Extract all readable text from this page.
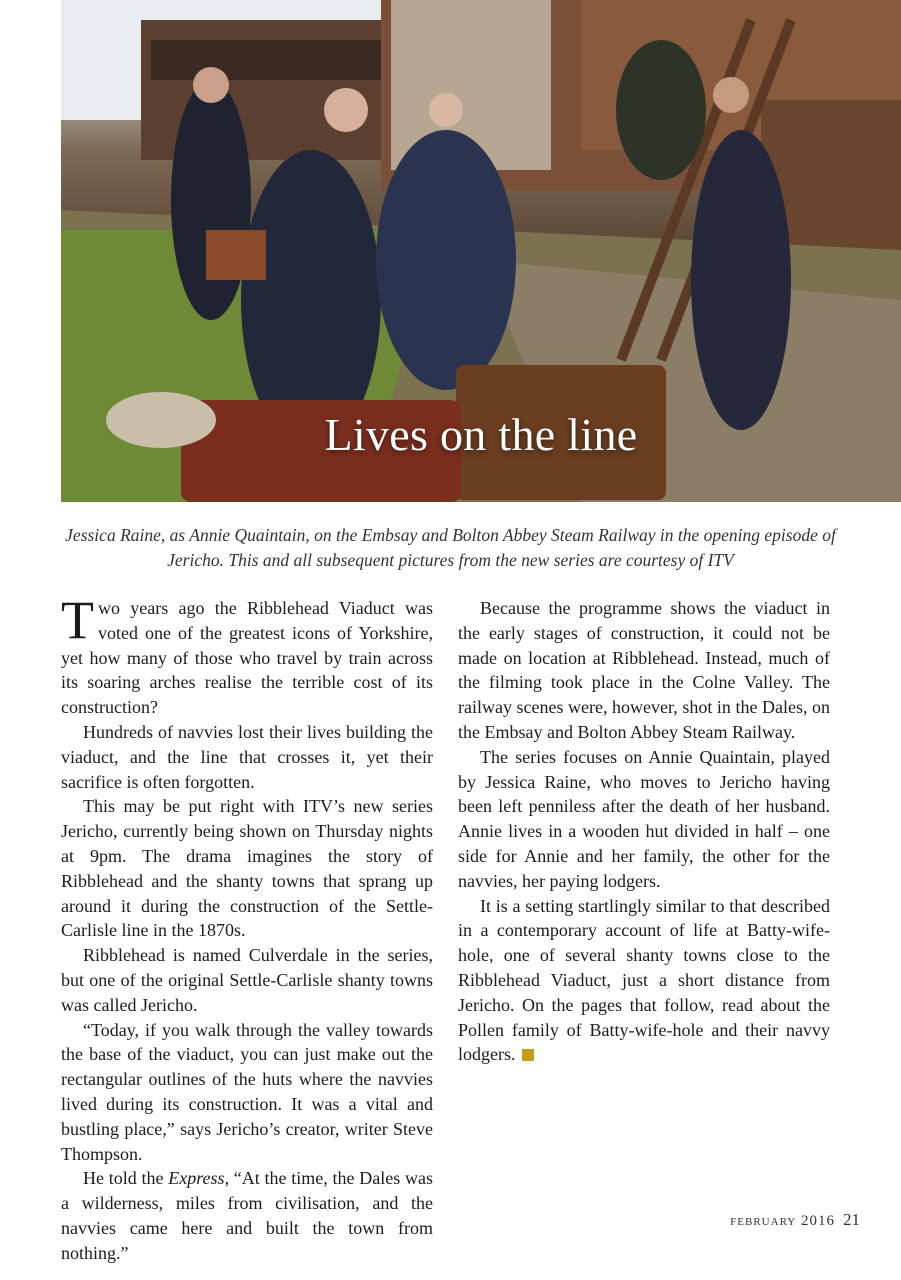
Lives on the line
Jessica Raine, as Annie Quaintain, on the Embsay and Bolton Abbey Steam Railway in the opening episode of Jericho. This and all subsequent pictures from the new series are courtesy of ITV

Two years ago the Ribblehead Viaduct was voted one of the greatest icons of Yorkshire, yet how many of those who travel by train across its soaring arches realise the terrible cost of its construction?

Hundreds of navvies lost their lives building the viaduct, and the line that crosses it, yet their sacrifice is often forgotten.

This may be put right with ITV’s new series Jericho, currently being shown on Thursday nights at 9pm. The drama imagines the story of Ribblehead and the shanty towns that sprang up around it during the construction of the Settle-Carlisle line in the 1870s.

Ribblehead is named Culverdale in the series, but one of the original Settle-Carlisle shanty towns was called Jericho.

“Today, if you walk through the valley towards the base of the viaduct, you can just make out the rectangular outlines of the huts where the navvies lived during its construction. It was a vital and bustling place,” says Jericho’s creator, writer Steve Thompson.

He told the Express, “At the time, the Dales was a wilderness, miles from civilisation, and the navvies came here and built the town from nothing.”

Because the programme shows the viaduct in the early stages of construction, it could not be made on location at Ribblehead. Instead, much of the filming took place in the Colne Valley. The railway scenes were, however, shot in the Dales, on the Embsay and Bolton Abbey Steam Railway.

The series focuses on Annie Quaintain, played by Jessica Raine, who moves to Jericho having been left penniless after the death of her husband. Annie lives in a wooden hut divided in half – one side for Annie and her family, the other for the navvies, her paying lodgers.

It is a setting startlingly similar to that described in a contemporary account of life at Batty-wife-hole, one of several shanty towns close to the Ribblehead Viaduct, just a short distance from Jericho. On the pages that follow, read about the Pollen family of Batty-wife-hole and their navvy lodgers.

february 2016 21
